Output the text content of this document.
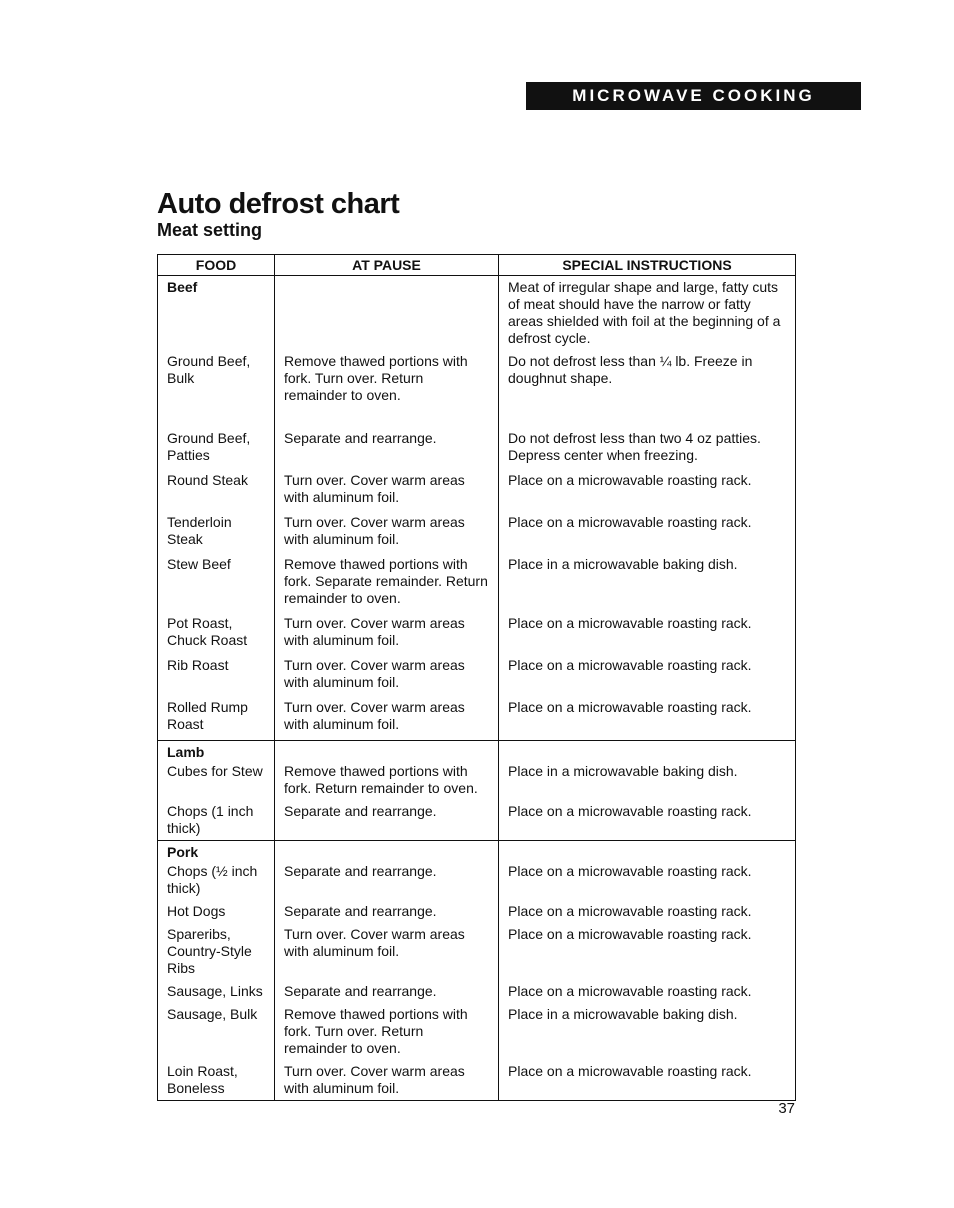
MICROWAVE COOKING
Auto defrost chart
Meat setting
FOOD	AT PAUSE	SPECIAL INSTRUCTIONS

Beef		Meat of irregular shape and large, fatty cuts of meat should have the narrow or fatty areas shielded with foil at the beginning of a defrost cycle.

Ground Beef, Bulk	Remove thawed portions with fork. Turn over. Return remainder to oven.	Do not defrost less than ¼ lb. Freeze in doughnut shape.

Ground Beef, Patties	Separate and rearrange.	Do not defrost less than two 4 oz patties. Depress center when freezing.

Round Steak	Turn over. Cover warm areas with aluminum foil.	Place on a microwavable roasting rack.

Tenderloin Steak	Turn over. Cover warm areas with aluminum foil.	Place on a microwavable roasting rack.

Stew Beef	Remove thawed portions with fork. Separate remainder. Return remainder to oven.	Place in a microwavable baking dish.

Pot Roast, Chuck Roast	Turn over. Cover warm areas with aluminum foil.	Place on a microwavable roasting rack.

Rib Roast	Turn over. Cover warm areas with aluminum foil.	Place on a microwavable roasting rack.

Rolled Rump Roast	Turn over. Cover warm areas with aluminum foil.	Place on a microwavable roasting rack.

Lamb
Cubes for Stew	Remove thawed portions with fork. Return remainder to oven.	Place in a microwavable baking dish.

Chops (1 inch thick)	Separate and rearrange.	Place on a microwavable roasting rack.

Pork
Chops (½ inch thick)	Separate and rearrange.	Place on a microwavable roasting rack.

Hot Dogs	Separate and rearrange.	Place on a microwavable roasting rack.

Spareribs, Country-Style Ribs	Turn over. Cover warm areas with aluminum foil.	Place on a microwavable roasting rack.

Sausage, Links	Separate and rearrange.	Place on a microwavable roasting rack.

Sausage, Bulk	Remove thawed portions with fork. Turn over. Return remainder to oven.	Place in a microwavable baking dish.

Loin Roast, Boneless	Turn over. Cover warm areas with aluminum foil.	Place on a microwavable roasting rack.
37
